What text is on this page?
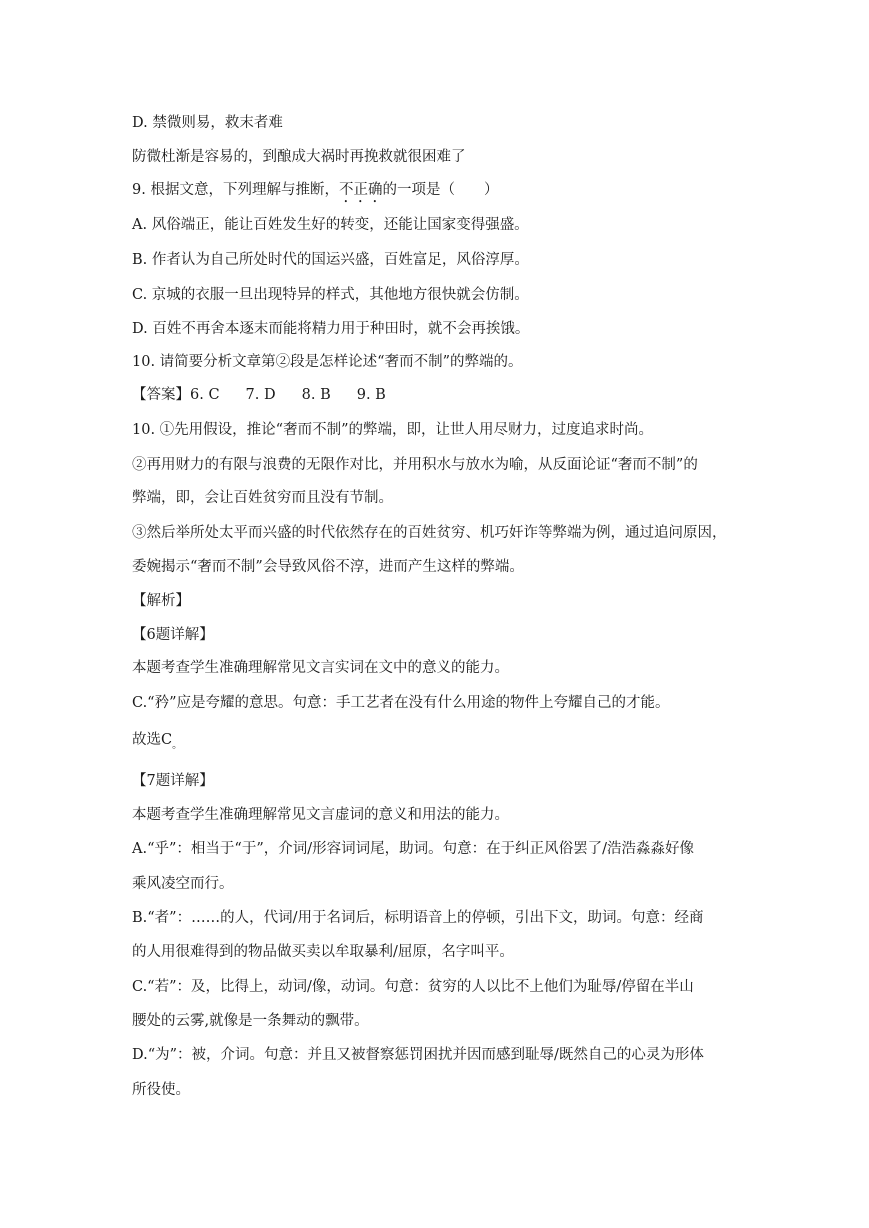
D. 禁微则易，救末者难
防微杜渐是容易的，到酿成大祸时再挽救就很困难了
9. 根据文意，下列理解与推断，不正确的一项是（　　）
A. 风俗端正，能让百姓发生好的转变，还能让国家变得强盛。
B. 作者认为自己所处时代的国运兴盛，百姓富足，风俗淳厚。
C. 京城的衣服一旦出现特异的样式，其他地方很快就会仿制。
D. 百姓不再舍本逐末而能将精力用于种田时，就不会再挨饿。
10. 请简要分析文章第②段是怎样论述“奢而不制”的弊端的。
【答案】6. C 7. D 8. B 9. B
10. ①先用假设，推论“奢而不制”的弊端，即，让世人用尽财力，过度追求时尚。
②再用财力的有限与浪费的无限作对比，并用积水与放水为喻，从反面论证“奢而不制”的
弊端，即，会让百姓贫穷而且没有节制。
③然后举所处太平而兴盛的时代依然存在的百姓贫穷、机巧奸诈等弊端为例，通过追问原因，
委婉揭示“奢而不制”会导致风俗不淳，进而产生这样的弊端。
【解析】
【6题详解】
本题考查学生准确理解常见文言实词在文中的意义的能力。
C.“矜”应是夸耀的意思。句意：手工艺者在没有什么用途的物件上夸耀自己的才能。
故选$C_。$
【7题详解】
本题考查学生准确理解常见文言虚词的意义和用法的能力。
A.“乎”：相当于“于”，介词/形容词词尾，助词。句意：在于纠正风俗罢了/浩浩淼淼好像
乘风凌空而行。
B.“者”：……的人，代词/用于名词后，标明语音上的停顿，引出下文，助词。句意：经商
的人用很难得到的物品做买卖以牟取暴利/屈原，名字叫平。
C.“若”：及，比得上，动词/像，动词。句意：贫穷的人以比不上他们为耻辱/停留在半山
腰处的云雾,就像是一条舞动的飘带。
D.“为”：被，介词。句意：并且又被督察惩罚困扰并因而感到耻辱/既然自己的心灵为形体
所役使。
